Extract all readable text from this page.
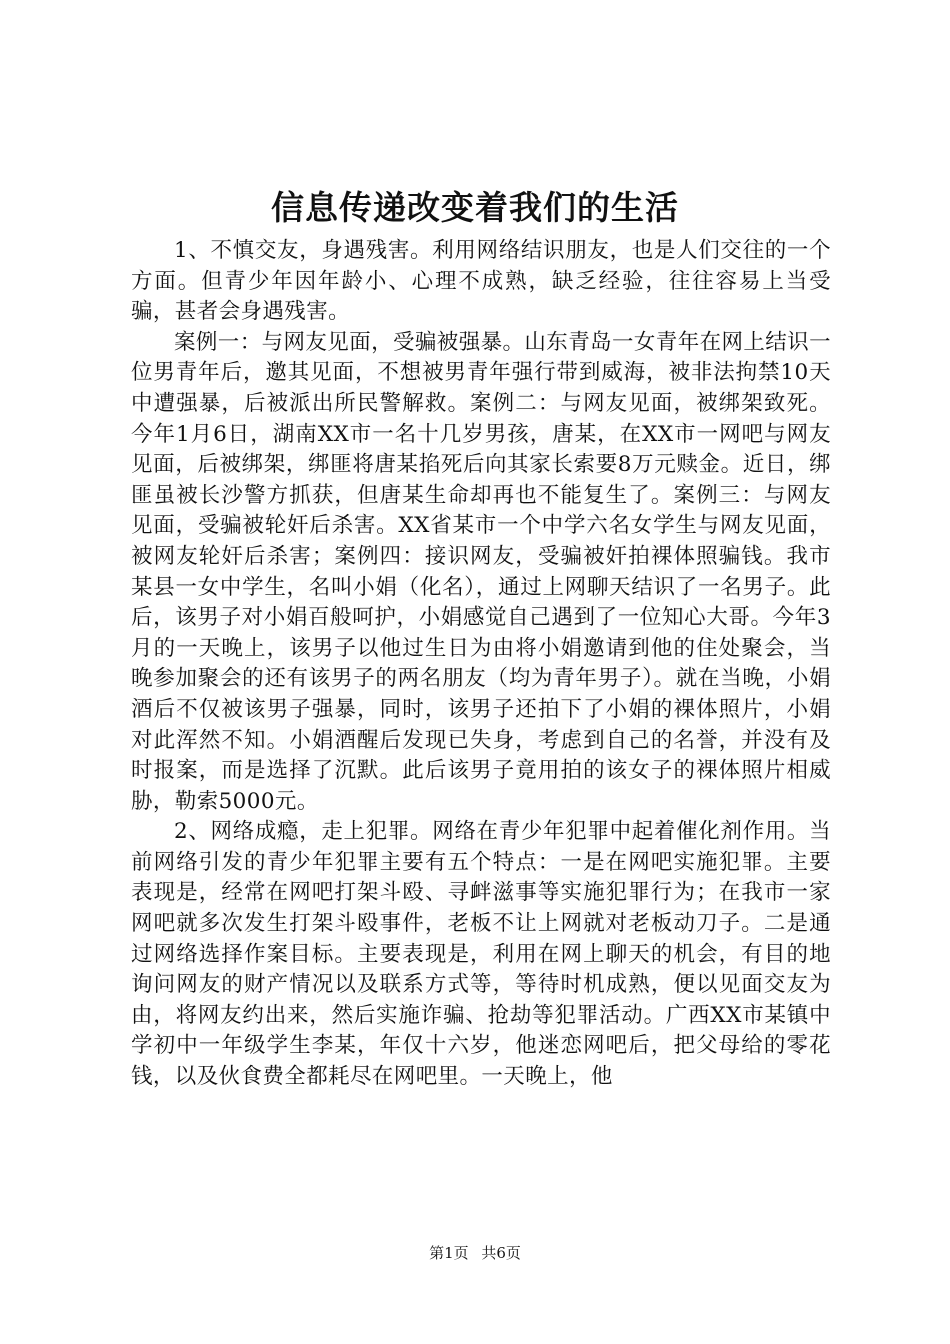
信息传递改变着我们的生活

1、不慎交友，身遇残害。利用网络结识朋友，也是人们交往的一个方面。但青少年因年龄小、心理不成熟，缺乏经验，往往容易上当受骗，甚者会身遇残害。

案例一：与网友见面，受骗被强暴。山东青岛一女青年在网上结识一位男青年后，邀其见面，不想被男青年强行带到威海，被非法拘禁10天中遭强暴，后被派出所民警解救。案例二：与网友见面，被绑架致死。今年1月6日，湖南XX市一名十几岁男孩，唐某，在XX市一网吧与网友见面，后被绑架，绑匪将唐某掐死后向其家长索要8万元赎金。近日，绑匪虽被长沙警方抓获，但唐某生命却再也不能复生了。案例三：与网友见面，受骗被轮奸后杀害。XX省某市一个中学六名女学生与网友见面，被网友轮奸后杀害；案例四：接识网友，受骗被奸拍裸体照骗钱。我市某县一女中学生，名叫小娟（化名），通过上网聊天结识了一名男子。此后，该男子对小娟百般呵护，小娟感觉自己遇到了一位知心大哥。今年3月的一天晚上，该男子以他过生日为由将小娟邀请到他的住处聚会，当晚参加聚会的还有该男子的两名朋友（均为青年男子）。就在当晚，小娟酒后不仅被该男子强暴，同时，该男子还拍下了小娟的裸体照片，小娟对此浑然不知。小娟酒醒后发现已失身，考虑到自己的名誉，并没有及时报案，而是选择了沉默。此后该男子竟用拍的该女子的裸体照片相威胁，勒索5000元。

2、网络成瘾，走上犯罪。网络在青少年犯罪中起着催化剂作用。当前网络引发的青少年犯罪主要有五个特点：一是在网吧实施犯罪。主要表现是，经常在网吧打架斗殴、寻衅滋事等实施犯罪行为；在我市一家网吧就多次发生打架斗殴事件，老板不让上网就对老板动刀子。二是通过网络选择作案目标。主要表现是，利用在网上聊天的机会，有目的地询问网友的财产情况以及联系方式等，等待时机成熟，便以见面交友为由，将网友约出来，然后实施诈骗、抢劫等犯罪活动。广西XX市某镇中学初中一年级学生李某，年仅十六岁，他迷恋网吧后，把父母给的零花钱，以及伙食费全都耗尽在网吧里。一天晚上，他

第1页 共6页
